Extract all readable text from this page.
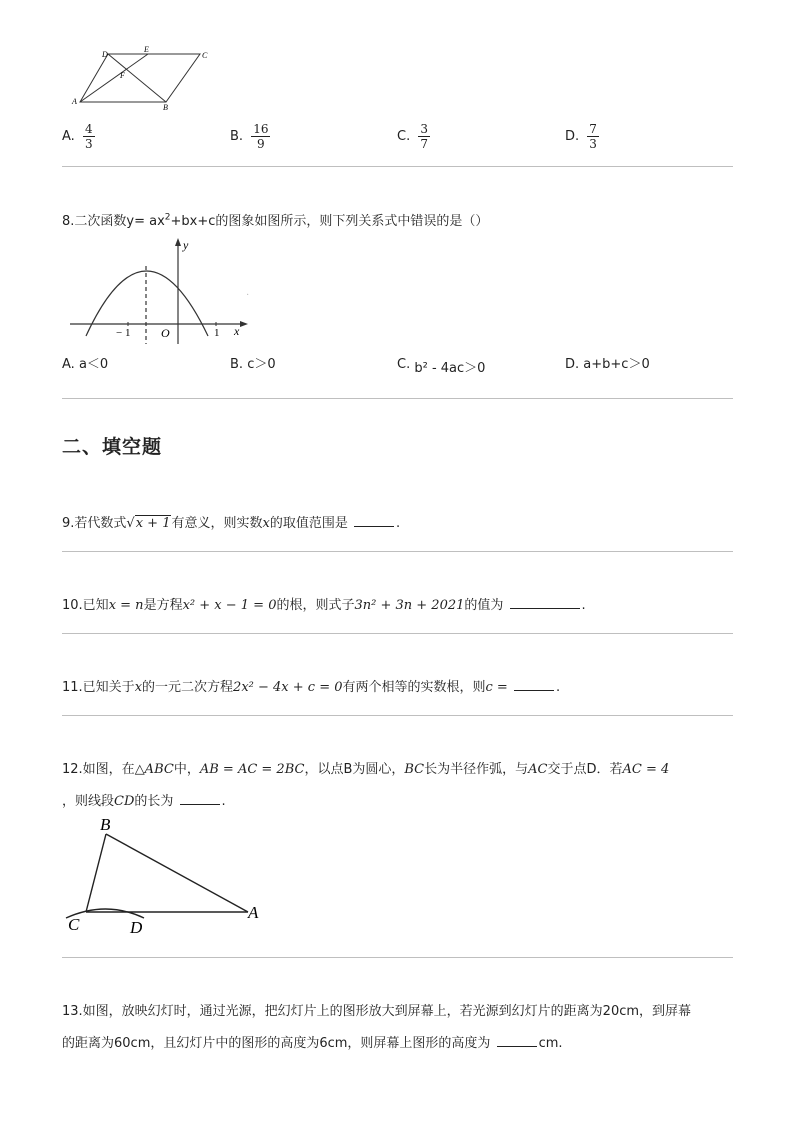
D
E
C
F
A
B
A. $\frac{4}{3}$	B. $\frac{16}{9}$	C. $\frac{3}{7}$	D. $\frac{7}{3}$
8.二次函数$y= ax^2+bx+c$的图象如图所示，则下列关系式中错误的是（）
y
x
− 1	O	1
·
A. a＜0	B. c＞0	C. b² - 4ac＞0	D. a+b+c＞0
二、填空题
9.若代数式√x + 1有意义，则实数x的取值范围是	.
10.已知x = n是方程x² + x − 1 = 0的根，则式子3n² + 3n + 2021的值为	.
11.已知关于x的一元二次方程2x² − 4x + c = 0有两个相等的实数根，则c =	.
12.如图，在△ABC中，AB = AC = 2BC，以点B为圆心，BC长为半径作弧，与AC交于点D．若AC = 4
，则线段CD的长为	.
B
C	D
A
13.如图，放映幻灯时，通过光源，把幻灯片上的图形放大到屏幕上，若光源到幻灯片的距离为20cm，到屏幕
的距离为60cm，且幻灯片中的图形的高度为6cm，则屏幕上图形的高度为	cm.
